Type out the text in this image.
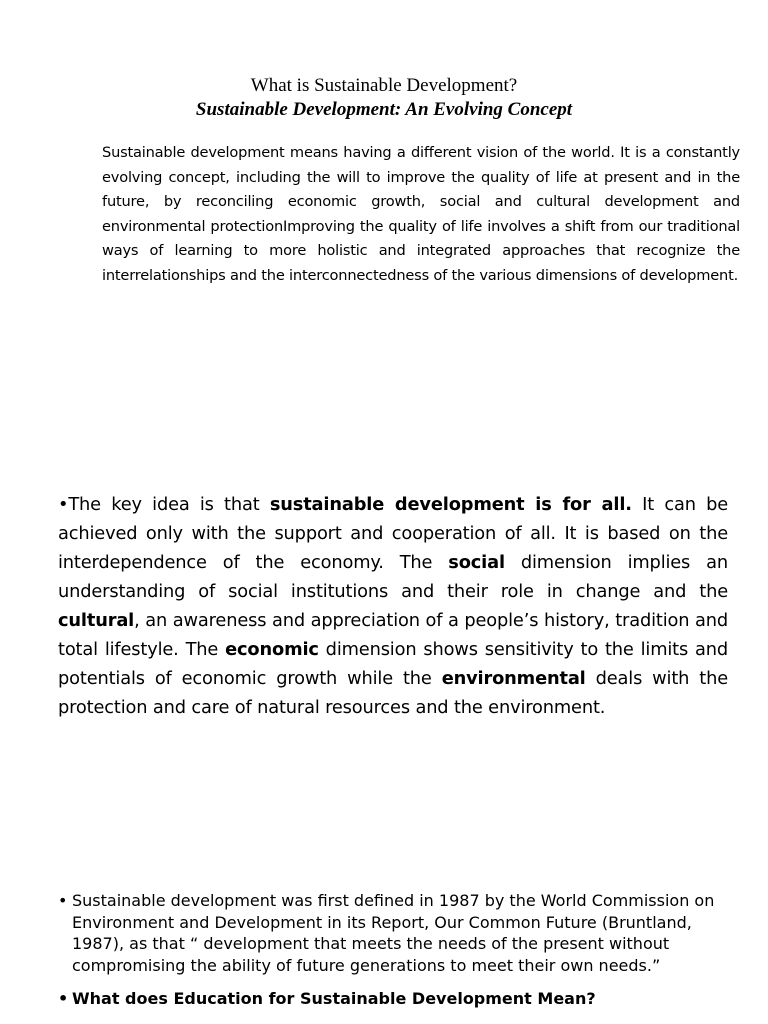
What is Sustainable Development?
Sustainable Development: An Evolving Concept

Sustainable development means having a different vision of the world. It is a constantly evolving concept, including the will to improve the quality of life at present and in the future, by reconciling economic growth, social and cultural development and environmental protectionImproving the quality of life involves a shift from our traditional ways of learning to more holistic and integrated approaches that recognize the interrelationships and the interconnectedness of the various dimensions of development.

•The key idea is that sustainable development is for all. It can be achieved only with the support and cooperation of all. It is based on the interdependence of the economy. The social dimension implies an understanding of social institutions and their role in change and the cultural, an awareness and appreciation of a people’s history, tradition and total lifestyle. The economic dimension shows sensitivity to the limits and potentials of economic growth while the environmental deals with the protection and care of natural resources and the environment.

• Sustainable development was first defined in 1987 by the World Commission on Environment and Development in its Report, Our Common Future (Bruntland, 1987), as that “ development that meets the needs of the present without compromising the ability of future generations to meet their own needs.”
• What does Education for Sustainable Development Mean?
